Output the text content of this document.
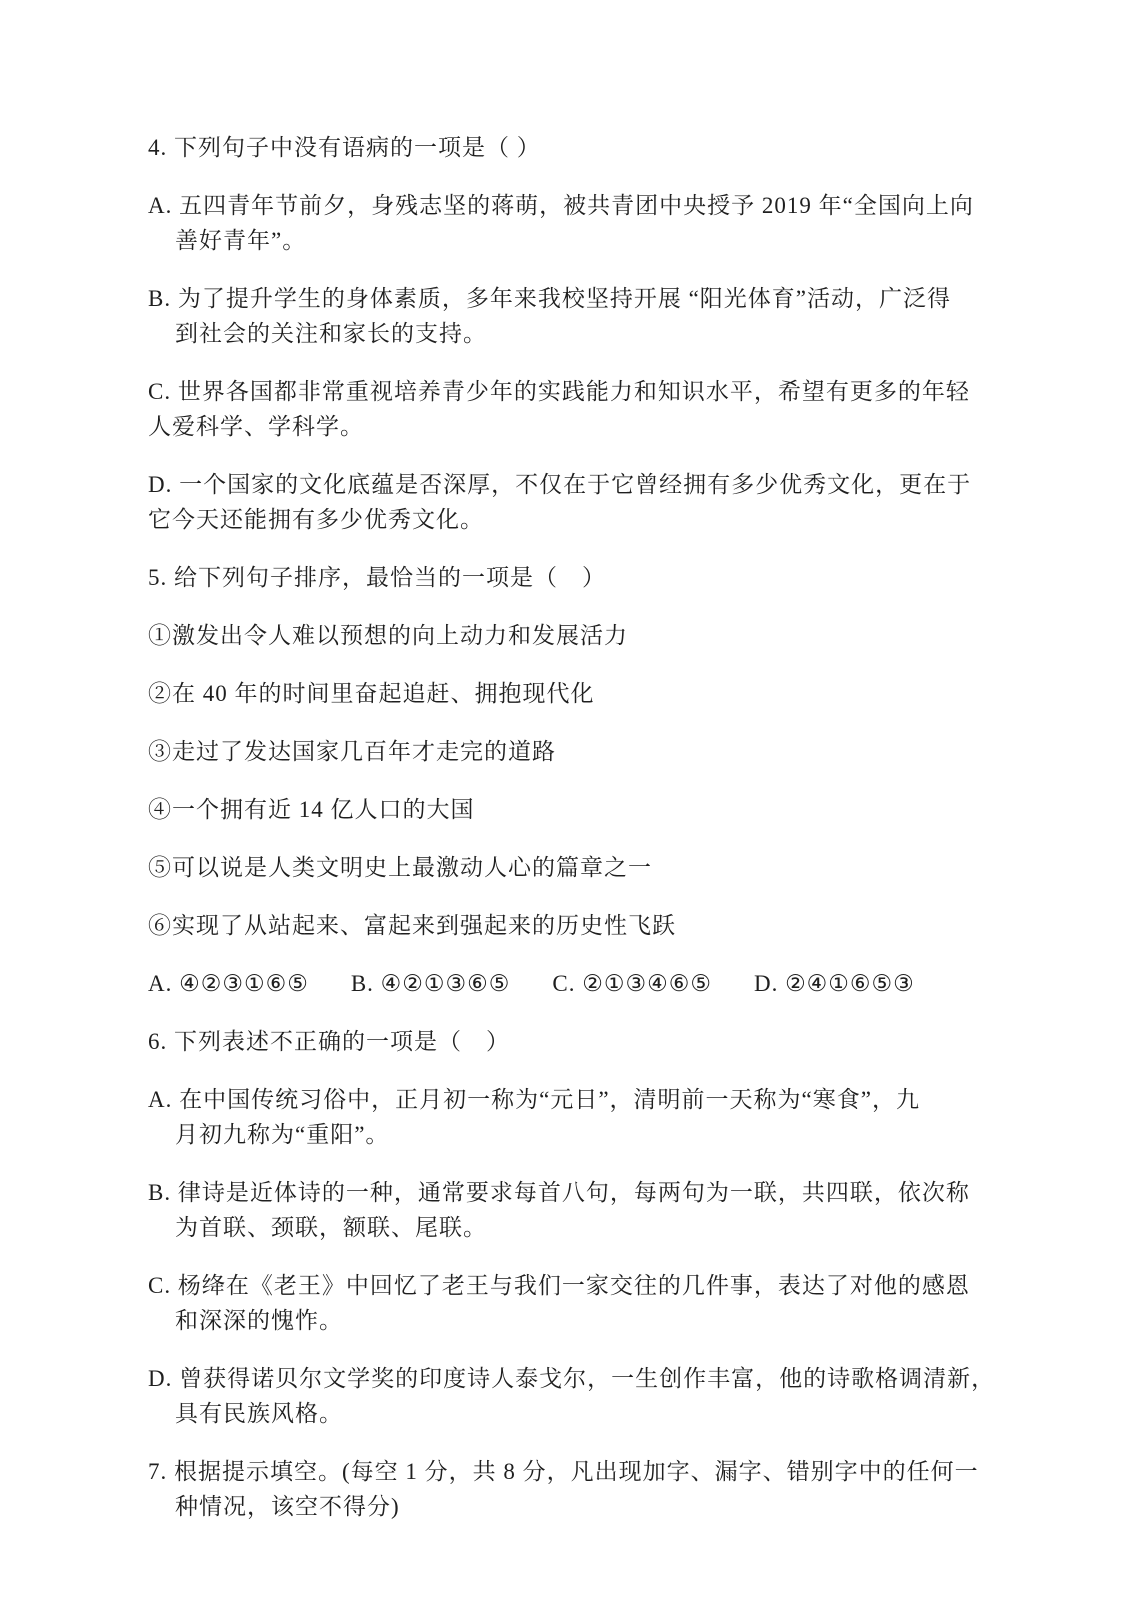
4. 下列句子中没有语病的一项是（ ）
A. 五四青年节前夕，身残志坚的蒋萌，被共青团中央授予 2019 年“全国向上向
善好青年”。
B. 为了提升学生的身体素质，多年来我校坚持开展 “阳光体育”活动，广泛得
到社会的关注和家长的支持。
C. 世界各国都非常重视培养青少年的实践能力和知识水平，希望有更多的年轻
人爱科学、学科学。
D. 一个国家的文化底蕴是否深厚，不仅在于它曾经拥有多少优秀文化，更在于
它今天还能拥有多少优秀文化。
5. 给下列句子排序，最恰当的一项是（　）
①激发出令人难以预想的向上动力和发展活力
②在 40 年的时间里奋起追赶、拥抱现代化
③走过了发达国家几百年才走完的道路
④一个拥有近 14 亿人口的大国
⑤可以说是人类文明史上最激动人心的篇章之一
⑥实现了从站起来、富起来到强起来的历史性飞跃
A. ④②③①⑥⑤ B. ④②①③⑥⑤ C. ②①③④⑥⑤ D. ②④①⑥⑤③
6. 下列表述不正确的一项是（　）
A. 在中国传统习俗中，正月初一称为“元日”，清明前一天称为“寒食”，九
月初九称为“重阳”。
B. 律诗是近体诗的一种，通常要求每首八句，每两句为一联，共四联，依次称
为首联、颈联，额联、尾联。
C. 杨绛在《老王》中回忆了老王与我们一家交往的几件事，表达了对他的感恩
和深深的愧怍。
D. 曾获得诺贝尔文学奖的印度诗人泰戈尔，一生创作丰富，他的诗歌格调清新，
具有民族风格。
7. 根据提示填空。(每空 1 分，共 8 分，凡出现加字、漏字、错别字中的任何一
种情况，该空不得分)
